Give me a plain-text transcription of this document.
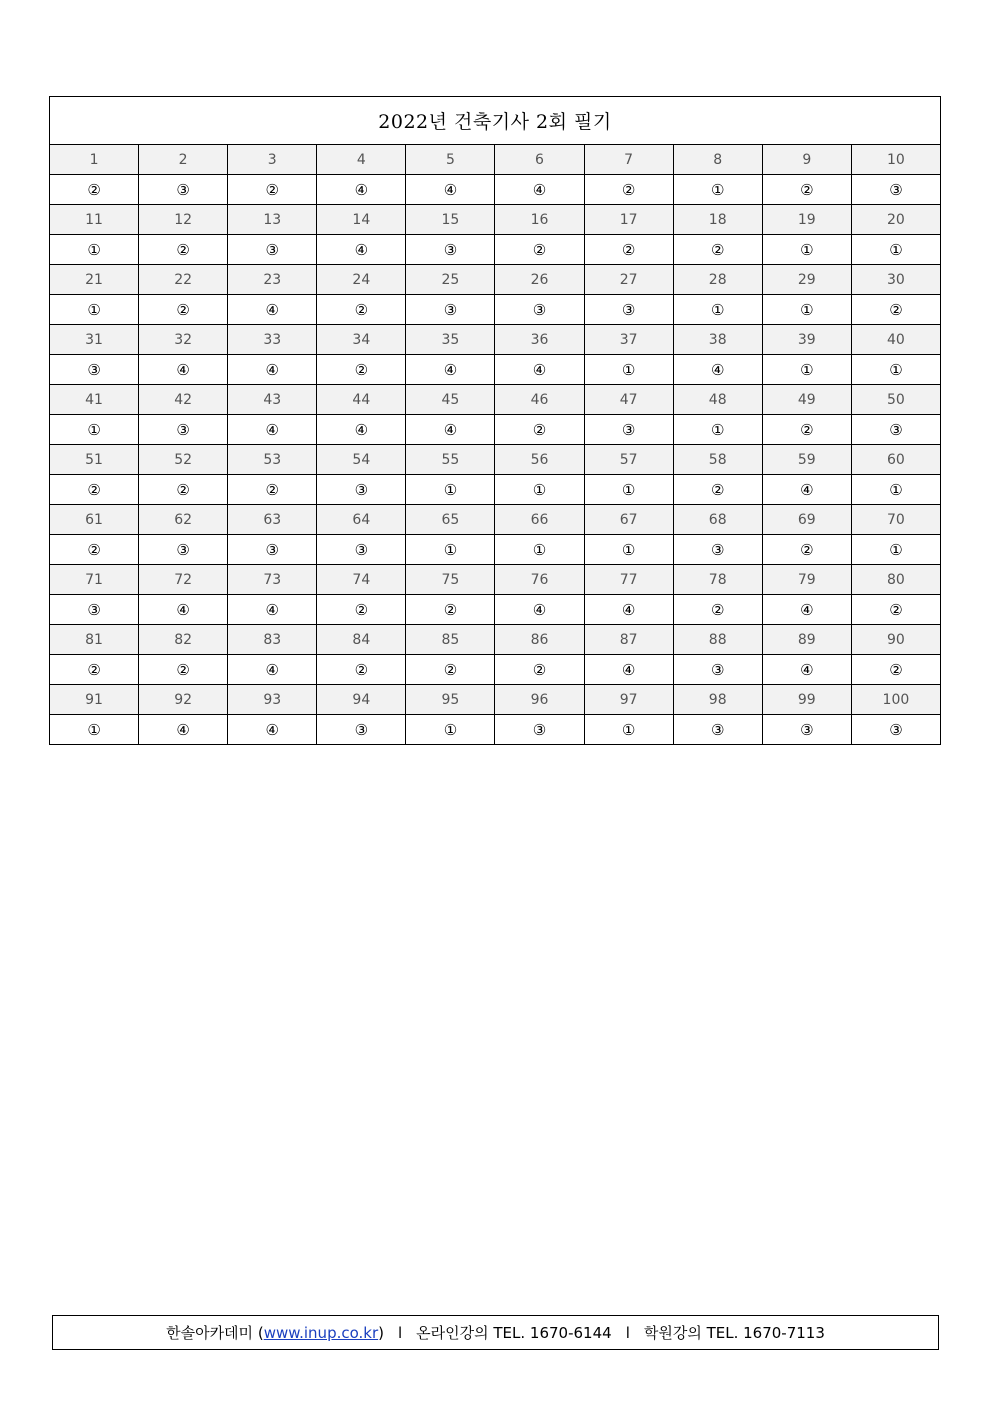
2022년 건축기사 2회 필기									
1	2	3	4	5	6	7	8	9	10
②	③	②	④	④	④	②	①	②	③
11	12	13	14	15	16	17	18	19	20
①	②	③	④	③	②	②	②	①	①
21	22	23	24	25	26	27	28	29	30
①	②	④	②	③	③	③	①	①	②
31	32	33	34	35	36	37	38	39	40
③	④	④	②	④	④	①	④	①	①
41	42	43	44	45	46	47	48	49	50
①	③	④	④	④	②	③	①	②	③
51	52	53	54	55	56	57	58	59	60
②	②	②	③	①	①	①	②	④	①
61	62	63	64	65	66	67	68	69	70
②	③	③	③	①	①	①	③	②	①
71	72	73	74	75	76	77	78	79	80
③	④	④	②	②	④	④	②	④	②
81	82	83	84	85	86	87	88	89	90
②	②	④	②	②	②	④	③	④	②
91	92	93	94	95	96	97	98	99	100
①	④	④	③	①	③	①	③	③	③
한솔아카데미
( www.inup.co.kr ) l 온라인강의 TEL. 1670-6144 l 학원강의 TEL. 1670-7113
